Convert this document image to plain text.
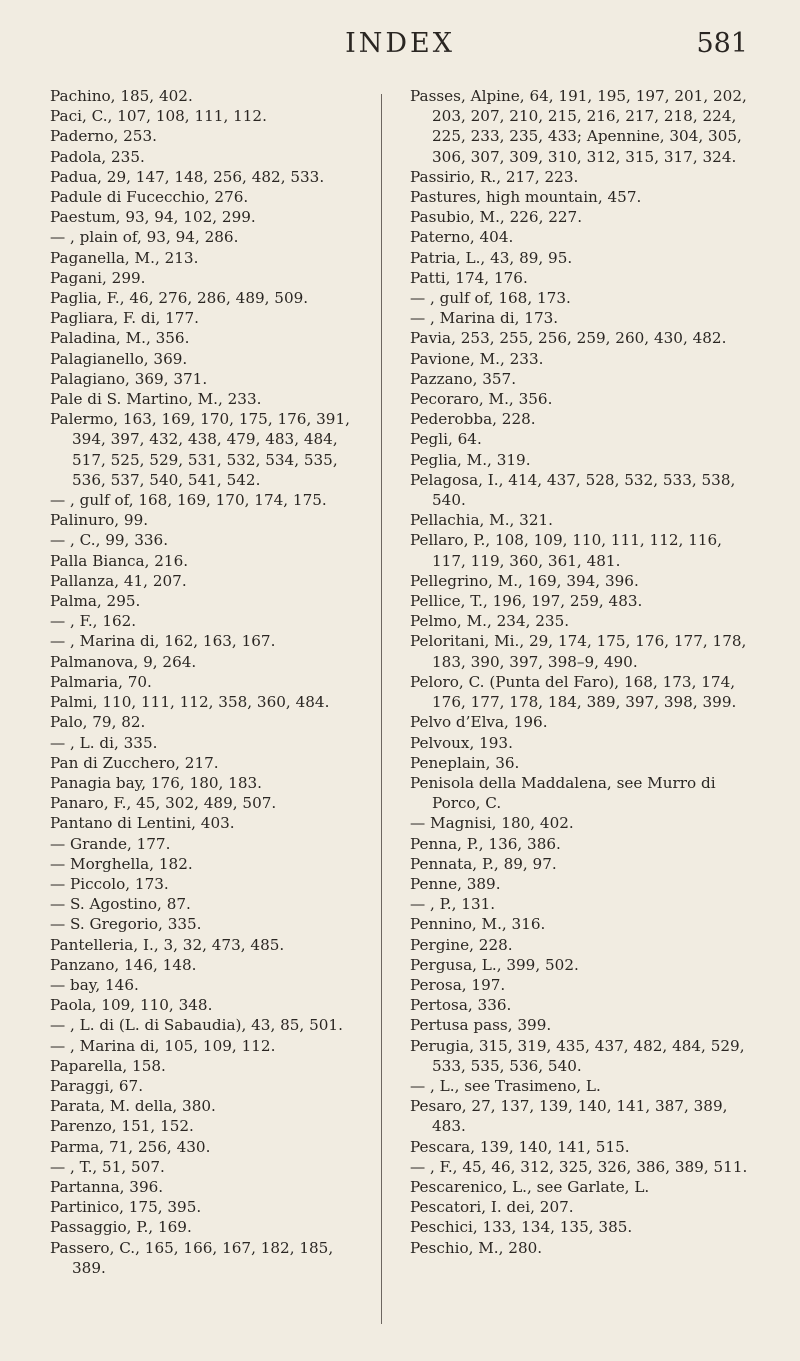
INDEX	581

Pachino, 185, 402.

Paci, C., 107, 108, 111, 112.

Paderno, 253.

Padola, 235.

Padua, 29, 147, 148, 256, 482, 533.

Padule di Fucecchio, 276.

Paestum, 93, 94, 102, 299.

— , plain of, 93, 94, 286.

Paganella, M., 213.

Pagani, 299.

Paglia, F., 46, 276, 286, 489, 509.

Pagliara, F. di, 177.

Paladina, M., 356.

Palagianello, 369.

Palagiano, 369, 371.

Pale di S. Martino, M., 233.

Palermo, 163, 169, 170, 175, 176, 391, 394, 397, 432, 438, 479, 483, 484, 517, 525, 529, 531, 532, 534, 535, 536, 537, 540, 541, 542.

— , gulf of, 168, 169, 170, 174, 175.

Palinuro, 99.

— , C., 99, 336.

Palla Bianca, 216.

Pallanza, 41, 207.

Palma, 295.

— , F., 162.

— , Marina di, 162, 163, 167.

Palmanova, 9, 264.

Palmaria, 70.

Palmi, 110, 111, 112, 358, 360, 484.

Palo, 79, 82.

— , L. di, 335.

Pan di Zucchero, 217.

Panagia bay, 176, 180, 183.

Panaro, F., 45, 302, 489, 507.

Pantano di Lentini, 403.

— Grande, 177.

— Morghella, 182.

— Piccolo, 173.

— S. Agostino, 87.

— S. Gregorio, 335.

Pantelleria, I., 3, 32, 473, 485.

Panzano, 146, 148.

— bay, 146.

Paola, 109, 110, 348.

— , L. di (L. di Sabaudia), 43, 85, 501.

— , Marina di, 105, 109, 112.

Paparella, 158.

Paraggi, 67.

Parata, M. della, 380.

Parenzo, 151, 152.

Parma, 71, 256, 430.

— , T., 51, 507.

Partanna, 396.

Partinico, 175, 395.

Passaggio, P., 169.

Passero, C., 165, 166, 167, 182, 185, 389.

Passes, Alpine, 64, 191, 195, 197, 201, 202, 203, 207, 210, 215, 216, 217, 218, 224, 225, 233, 235, 433; Apennine, 304, 305, 306, 307, 309, 310, 312, 315, 317, 324.

Passirio, R., 217, 223.

Pastures, high mountain, 457.

Pasubio, M., 226, 227.

Paterno, 404.

Patria, L., 43, 89, 95.

Patti, 174, 176.

— , gulf of, 168, 173.

— , Marina di, 173.

Pavia, 253, 255, 256, 259, 260, 430, 482.

Pavione, M., 233.

Pazzano, 357.

Pecoraro, M., 356.

Pederobba, 228.

Pegli, 64.

Peglia, M., 319.

Pelagosa, I., 414, 437, 528, 532, 533, 538, 540.

Pellachia, M., 321.

Pellaro, P., 108, 109, 110, 111, 112, 116, 117, 119, 360, 361, 481.

Pellegrino, M., 169, 394, 396.

Pellice, T., 196, 197, 259, 483.

Pelmo, M., 234, 235.

Peloritani, Mi., 29, 174, 175, 176, 177, 178, 183, 390, 397, 398–9, 490.

Peloro, C. (Punta del Faro), 168, 173, 174, 176, 177, 178, 184, 389, 397, 398, 399.

Pelvo d’Elva, 196.

Pelvoux, 193.

Peneplain, 36.

Penisola della Maddalena, see Murro di Porco, C.

— Magnisi, 180, 402.

Penna, P., 136, 386.

Pennata, P., 89, 97.

Penne, 389.

— , P., 131.

Pennino, M., 316.

Pergine, 228.

Pergusa, L., 399, 502.

Perosa, 197.

Pertosa, 336.

Pertusa pass, 399.

Perugia, 315, 319, 435, 437, 482, 484, 529, 533, 535, 536, 540.

— , L., see Trasimeno, L.

Pesaro, 27, 137, 139, 140, 141, 387, 389, 483.

Pescara, 139, 140, 141, 515.

— , F., 45, 46, 312, 325, 326, 386, 389, 511.

Pescarenico, L., see Garlate, L.

Pescatori, I. dei, 207.

Peschici, 133, 134, 135, 385.

Peschio, M., 280.
